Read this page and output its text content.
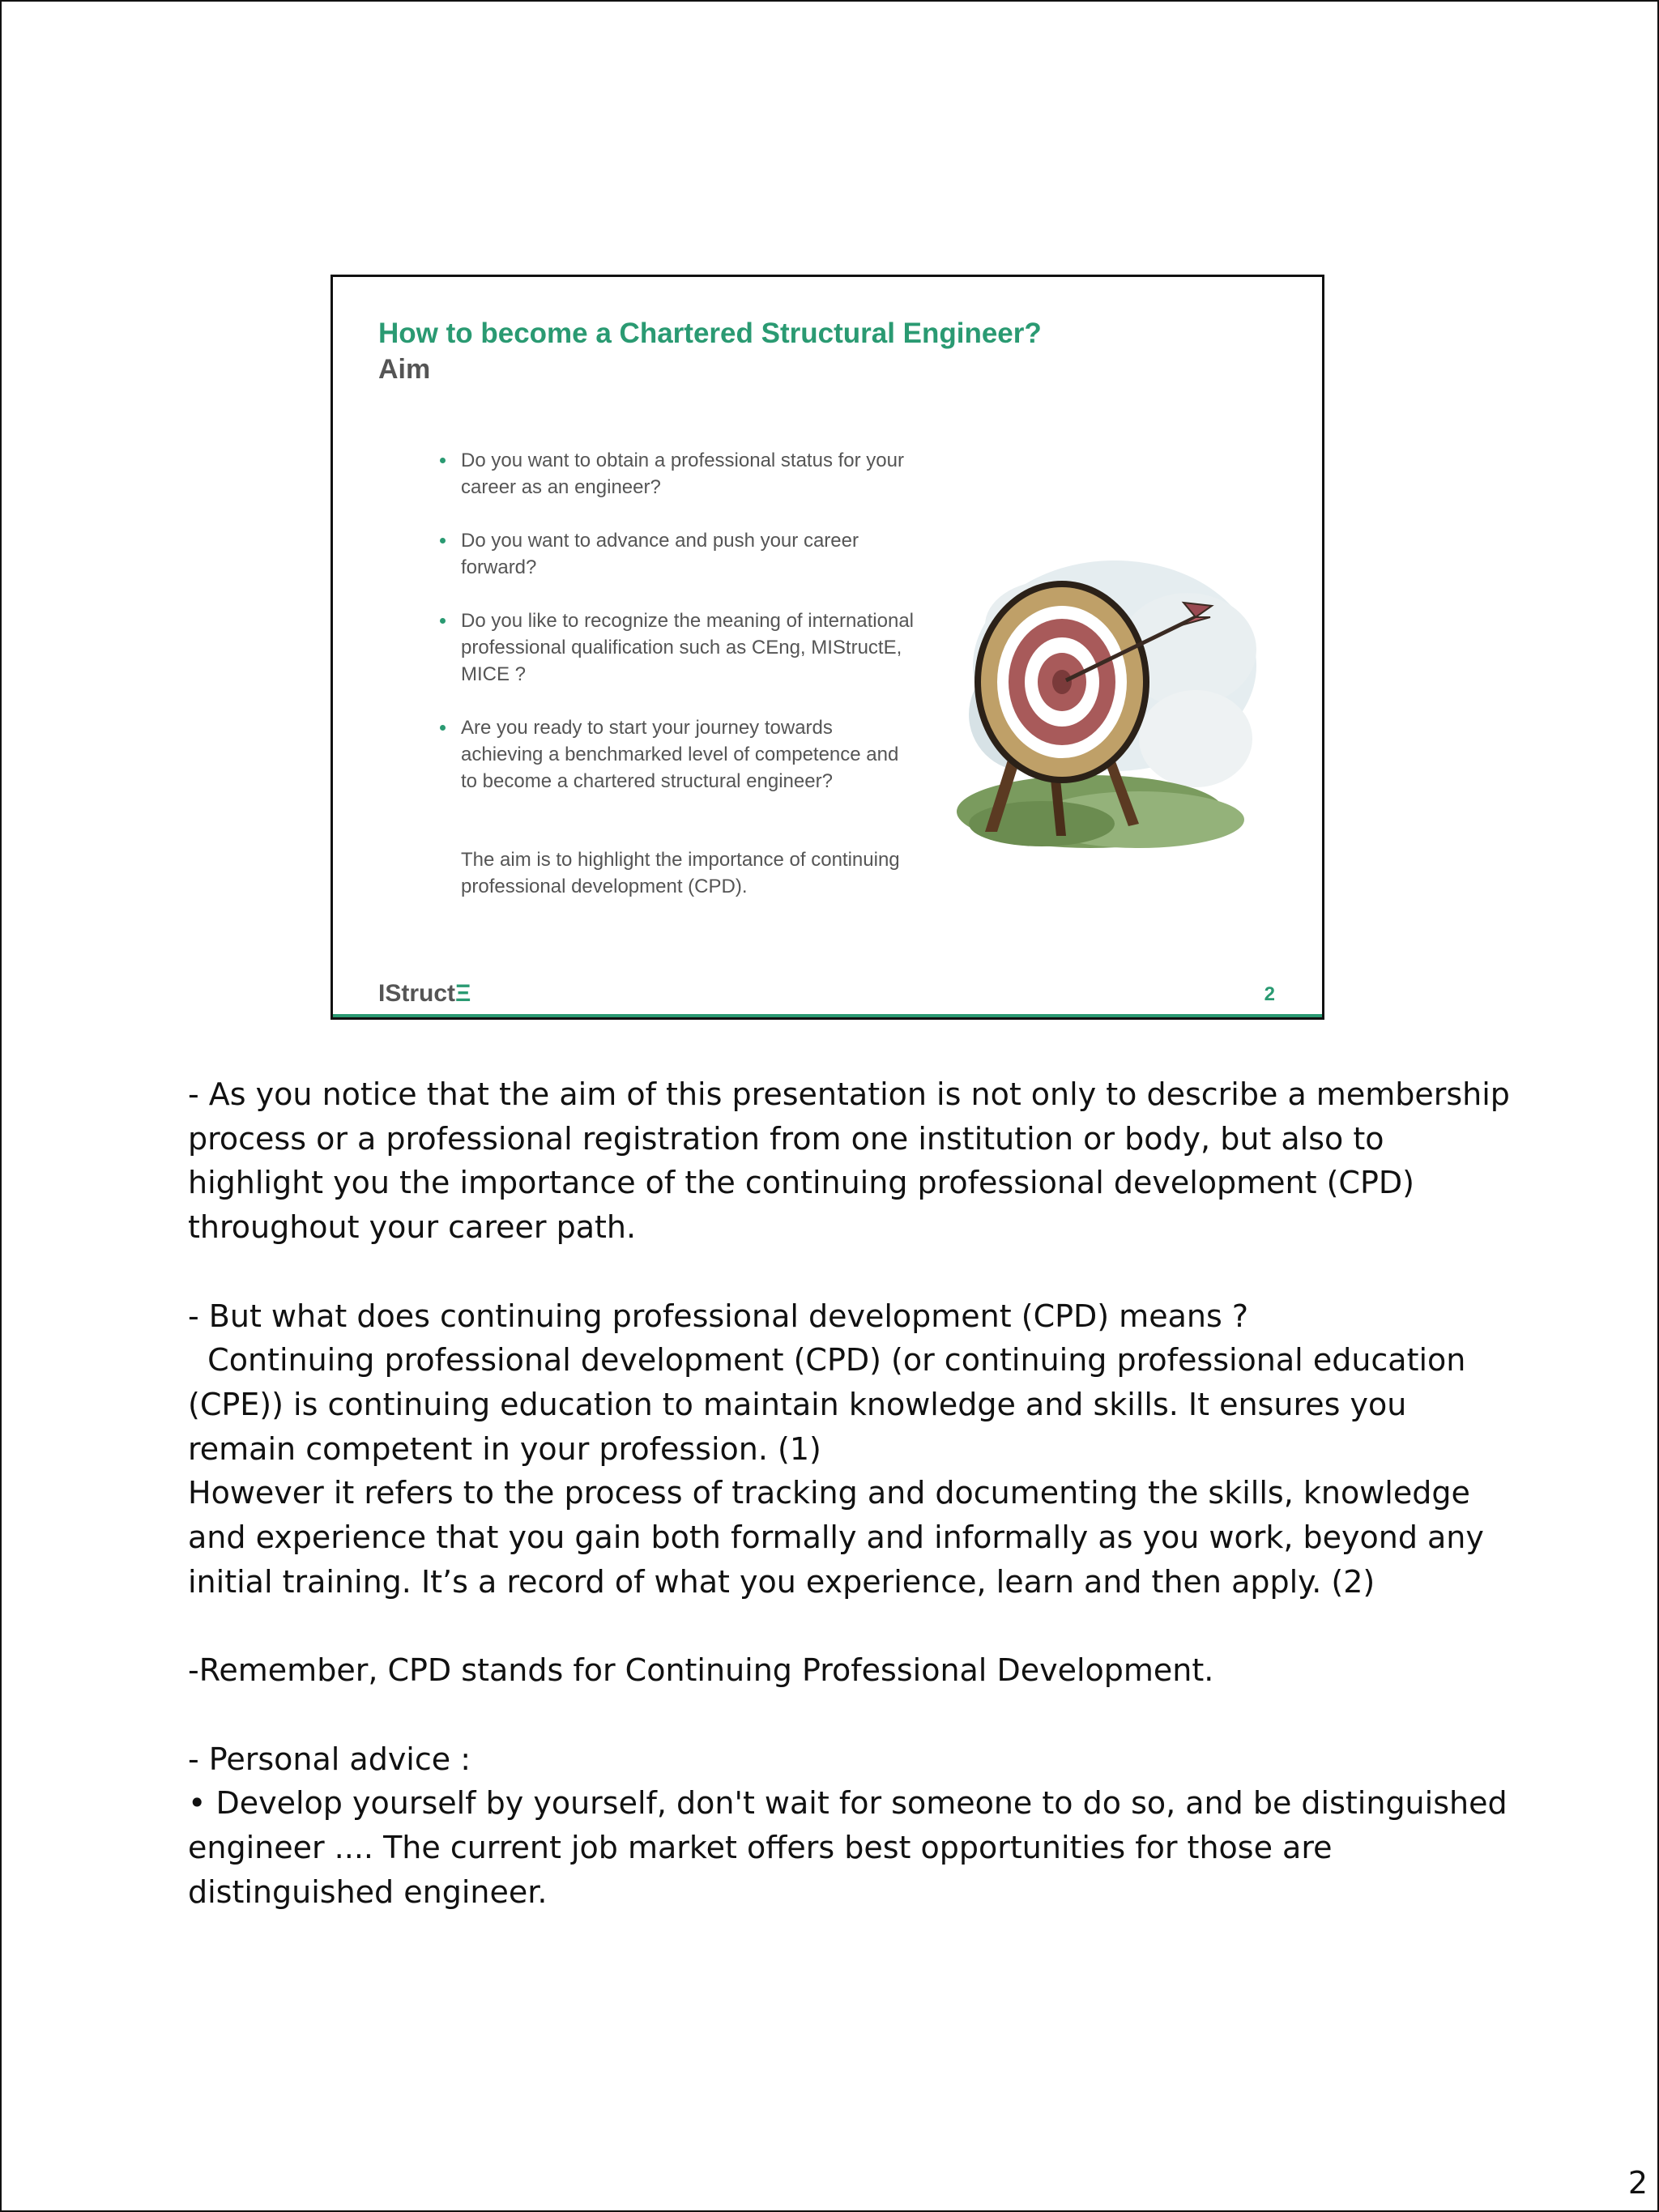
How to become a Chartered Structural Engineer?
Aim
Do you want to obtain a professional status for your career as an engineer?
Do you want to advance and push your career forward?
Do you like to recognize the meaning of international professional qualification such as CEng, MIStructE, MICE ?
Are you ready to start your journey towards achieving a benchmarked level of competence and to become a chartered structural engineer?

The aim is to highlight the importance of continuing professional development (CPD).

IStructΞ	2

- As you notice that the aim of this presentation is not only to describe a membership process or a professional registration from one institution or body, but also to highlight you the importance of the continuing professional development (CPD) throughout your career path.

- But what does continuing professional development (CPD) means ?

Continuing professional development (CPD) (or continuing professional education (CPE)) is continuing education to maintain knowledge and skills. It ensures you remain competent in your profession. (1)

However it refers to the process of tracking and documenting the skills, knowledge and experience that you gain both formally and informally as you work, beyond any initial training. It’s a record of what you experience, learn and then apply. (2)

-Remember, CPD stands for Continuing Professional Development.

- Personal advice :

• Develop yourself by yourself, don't wait for someone to do so, and be distinguished engineer .... The current job market offers best opportunities for those are distinguished engineer.

2
